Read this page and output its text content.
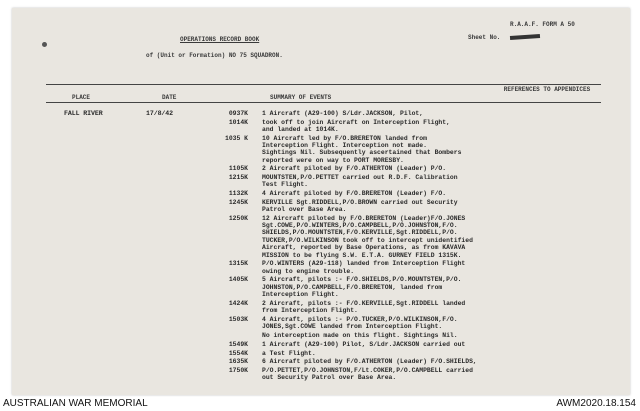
R.A.A.F. FORM A 50
Sheet No.
OPERATIONS RECORD BOOK
of (Unit or Formation) NO 75 SQUADRON.
PLACE	DATE	SUMMARY OF EVENTS
REFERENCES TO APPENDICES
FALL RIVER	17/8/42	0937K 1 Aircraft (A29-100) S/Ldr.JACKSON, Pilot,
1014K took off to join Aircraft on Interception Flight,
and landed at 1014K.
1035 K 10 Aircraft led by F/O.BRERETON landed from
Interception Flight. Interception not made.
Sightings Nil. Subsequently ascertained that Bombers
reported were on way to PORT MORESBY.
1105K 2 Aircraft piloted by F/O.ATHERTON (Leader) P/O.
1215K MOUNTSTEN,P/O.PETTET carried out R.D.F. Calibration
Test Flight.
1132K 4 Aircraft piloted by F/O.BRERETON (Leader) F/O.
1245K KERVILLE Sgt.RIDDELL,P/O.BROWN carried out Security
Patrol over Base Area.
1250K 12 Aircraft piloted by F/O.BRERETON (Leader)F/O.JONES
Sgt.COWE,P/O.WINTERS,P/O.CAMPBELL,P/O.JOHNSTON,F/O.
SHIELDS,P/O.MOUNTSTEN,F/O.KERVILLE,Sgt.RIDDELL,P/O.
TUCKER,P/O.WILKINSON took off to intercept unidentified
Aircraft, reported by Base Operations, as from KAVAVA
MISSION to be flying S.W. E.T.A. GURNEY FIELD 1315K.
1315K P/O.WINTERS (A29-118) landed from Interception Flight
owing to engine trouble.
1405K 5 Aircraft, pilots :- F/O.SHIELDS,P/O.MOUNTSTEN,P/O.
JOHNSTON,P/O.CAMPBELL,F/O.BRERETON, landed from
Interception Flight.
1424K 2 Aircraft, pilots :- F/O.KERVILLE,Sgt.RIDDELL landed
from Interception Flight.
1503K 4 Aircraft, pilots :- P/O.TUCKER,P/O.WILKINSON,F/O.
JONES,Sgt.COWE landed from Interception Flight.
No interception made on this flight. Sightings Nil.
1549K 1 Aircraft (A29-100) Pilot, S/Ldr.JACKSON carried out
1554K a Test Flight.
1635K 6 Aircraft piloted by F/O.ATHERTON (Leader) F/O.SHIELDS,
1750K P/O.PETTET,P/O.JOHNSTON,F/Lt.COKER,P/O.CAMPBELL carried
out Security Patrol over Base Area.
AUSTRALIAN WAR MEMORIAL	AWM2020.18.154
